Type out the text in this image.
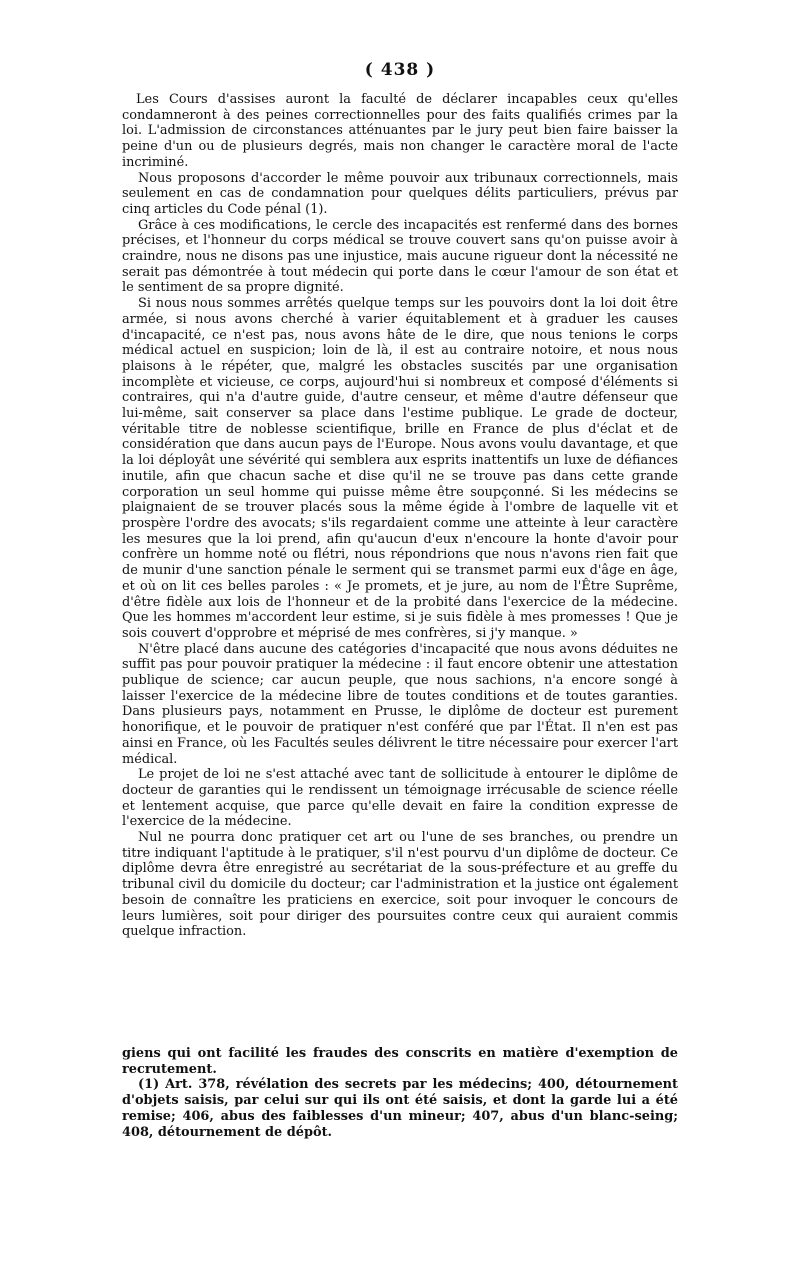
( 438 )

Les Cours d'assises auront la faculté de déclarer incapables ceux qu'elles condamneront à des peines correctionnelles pour des faits qualifiés crimes par la loi. L'admission de circonstances atténuantes par le jury peut bien faire baisser la peine d'un ou de plusieurs degrés, mais non changer le caractère moral de l'acte incriminé.

Nous proposons d'accorder le même pouvoir aux tribunaux correctionnels, mais seulement en cas de condamnation pour quelques délits particuliers, prévus par cinq articles du Code pénal (1).

Grâce à ces modifications, le cercle des incapacités est renfermé dans des bornes précises, et l'honneur du corps médical se trouve couvert sans qu'on puisse avoir à craindre, nous ne disons pas une injustice, mais aucune rigueur dont la nécessité ne serait pas démontrée à tout médecin qui porte dans le cœur l'amour de son état et le sentiment de sa propre dignité.

Si nous nous sommes arrêtés quelque temps sur les pouvoirs dont la loi doit être armée, si nous avons cherché à varier équitablement et à graduer les causes d'incapacité, ce n'est pas, nous avons hâte de le dire, que nous tenions le corps médical actuel en suspicion; loin de là, il est au contraire notoire, et nous nous plaisons à le répéter, que, malgré les obstacles suscités par une organisation incomplète et vicieuse, ce corps, aujourd'hui si nombreux et composé d'éléments si contraires, qui n'a d'autre guide, d'autre censeur, et même d'autre défenseur que lui-même, sait conserver sa place dans l'estime publique. Le grade de docteur, véritable titre de noblesse scientifique, brille en France de plus d'éclat et de considération que dans aucun pays de l'Europe. Nous avons voulu davantage, et que la loi déployât une sévérité qui semblera aux esprits inattentifs un luxe de défiances inutile, afin que chacun sache et dise qu'il ne se trouve pas dans cette grande corporation un seul homme qui puisse même être soupçonné. Si les médecins se plaignaient de se trouver placés sous la même égide à l'ombre de laquelle vit et prospère l'ordre des avocats; s'ils regardaient comme une atteinte à leur caractère les mesures que la loi prend, afin qu'aucun d'eux n'encoure la honte d'avoir pour confrère un homme noté ou flétri, nous répondrions que nous n'avons rien fait que de munir d'une sanction pénale le serment qui se transmet parmi eux d'âge en âge, et où on lit ces belles paroles : « Je promets, et je jure, au nom de l'Être Suprême, d'être fidèle aux lois de l'honneur et de la probité dans l'exercice de la médecine. Que les hommes m'accordent leur estime, si je suis fidèle à mes promesses ! Que je sois couvert d'opprobre et méprisé de mes confrères, si j'y manque. »

N'être placé dans aucune des catégories d'incapacité que nous avons déduites ne suffit pas pour pouvoir pratiquer la médecine : il faut encore obtenir une attestation publique de science; car aucun peuple, que nous sachions, n'a encore songé à laisser l'exercice de la médecine libre de toutes conditions et de toutes garanties. Dans plusieurs pays, notamment en Prusse, le diplôme de docteur est purement honorifique, et le pouvoir de pratiquer n'est conféré que par l'État. Il n'en est pas ainsi en France, où les Facultés seules délivrent le titre nécessaire pour exercer l'art médical.

Le projet de loi ne s'est attaché avec tant de sollicitude à entourer le diplôme de docteur de garanties qui le rendissent un témoignage irrécusable de science réelle et lentement acquise, que parce qu'elle devait en faire la condition expresse de l'exercice de la médecine.

Nul ne pourra donc pratiquer cet art ou l'une de ses branches, ou prendre un titre indiquant l'aptitude à le pratiquer, s'il n'est pourvu d'un diplôme de docteur. Ce diplôme devra être enregistré au secrétariat de la sous-préfecture et au greffe du tribunal civil du domicile du docteur; car l'administration et la justice ont également besoin de connaître les praticiens en exercice, soit pour invoquer le concours de leurs lumières, soit pour diriger des poursuites contre ceux qui auraient commis quelque infraction.

giens qui ont facilité les fraudes des conscrits en matière d'exemption de recrutement.

(1) Art. 378, révélation des secrets par les médecins; 400, détournement d'objets saisis, par celui sur qui ils ont été saisis, et dont la garde lui a été remise; 406, abus des faiblesses d'un mineur; 407, abus d'un blanc-seing; 408, détournement de dépôt.
